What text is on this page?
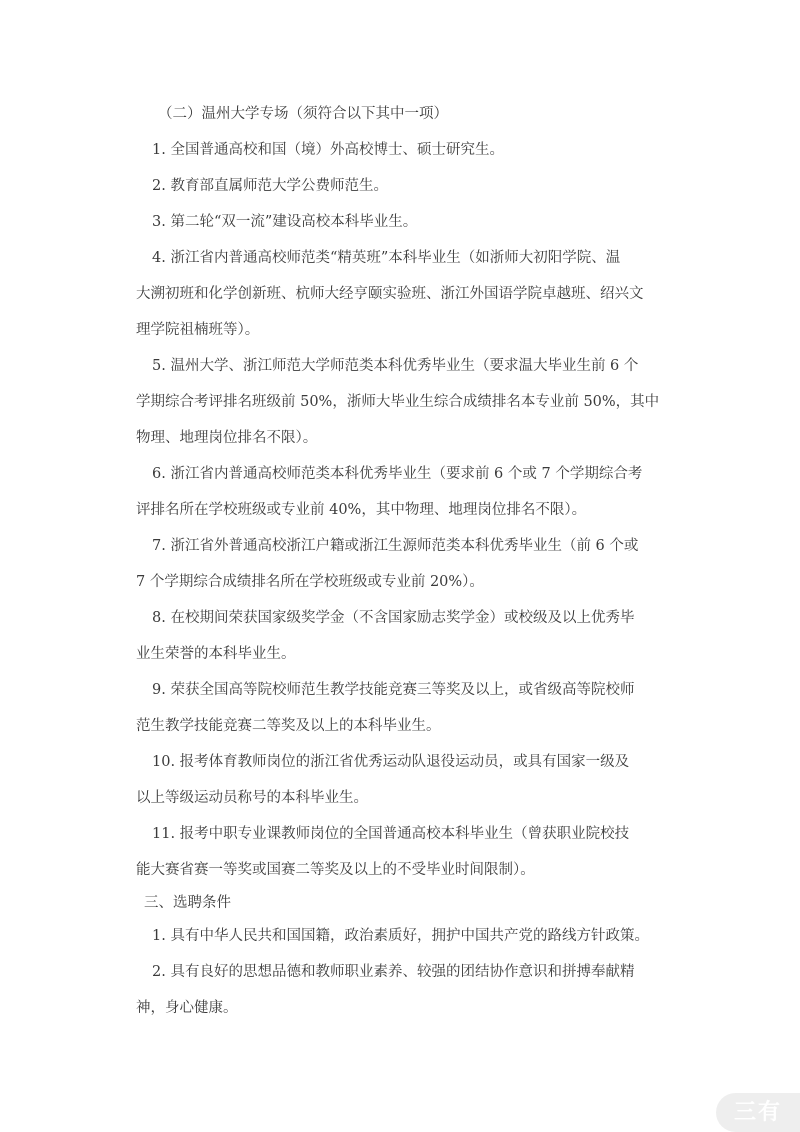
（二）温州大学专场（须符合以下其中一项）

1. 全国普通高校和国（境）外高校博士、硕士研究生。

2. 教育部直属师范大学公费师范生。

3. 第二轮“双一流”建设高校本科毕业生。

4. 浙江省内普通高校师范类“精英班”本科毕业生（如浙师大初阳学院、温

大溯初班和化学创新班、杭师大经亨颐实验班、浙江外国语学院卓越班、绍兴文

理学院祖楠班等）。

5. 温州大学、浙江师范大学师范类本科优秀毕业生（要求温大毕业生前 6 个

学期综合考评排名班级前 50%，浙师大毕业生综合成绩排名本专业前 50%，其中

物理、地理岗位排名不限）。

6. 浙江省内普通高校师范类本科优秀毕业生（要求前 6 个或 7 个学期综合考

评排名所在学校班级或专业前 40%，其中物理、地理岗位排名不限）。

7. 浙江省外普通高校浙江户籍或浙江生源师范类本科优秀毕业生（前 6 个或

7 个学期综合成绩排名所在学校班级或专业前 20%）。

8. 在校期间荣获国家级奖学金（不含国家励志奖学金）或校级及以上优秀毕

业生荣誉的本科毕业生。

9. 荣获全国高等院校师范生教学技能竞赛三等奖及以上，或省级高等院校师

范生教学技能竞赛二等奖及以上的本科毕业生。

10. 报考体育教师岗位的浙江省优秀运动队退役运动员，或具有国家一级及

以上等级运动员称号的本科毕业生。

11. 报考中职专业课教师岗位的全国普通高校本科毕业生（曾获职业院校技

能大赛省赛一等奖或国赛二等奖及以上的不受毕业时间限制）。

三、选聘条件

1. 具有中华人民共和国国籍，政治素质好，拥护中国共产党的路线方针政策。

2. 具有良好的思想品德和教师职业素养、较强的团结协作意识和拼搏奉献精

神，身心健康。

三有
